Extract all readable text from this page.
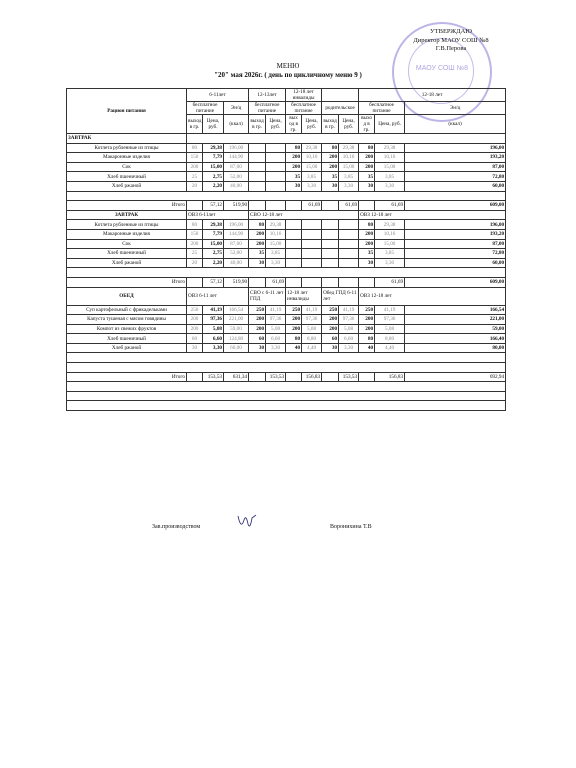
МАОУ СОШ №8
УТВЕРЖДАЮ
Директор МАОУ СОШ №8
Г.В.Перова
МЕНЮ
"20" мая 2026г. ( день по цикличному меню 9 )
Рацион питания	6-11лет			12-13лет		12-18 лет инвалиды				12-18 лет		
	бесплатное питание		Эн/ц	бесплатное питание		бесплатное питание		родительское		бесплатное питание		Эн/ц
	выход в гр.	Цена, руб.	(ккал)	выход в гр.	Цена, руб.	вых од в гр.	Цена, руб.	выход в гр.	Цена, руб.	выхо д в гр.	Цена, руб.	(ккал)
ЗАВТРАК												
Котлета рубленные из птицы	80	29,38	196,00			80	29,38	80	29,38	80	29,38	196,00
Макаронные изделия	150	7,79	144,90			200	10,16	200	10,16	200	10,16	193,20
Сок	200	15,00	87,00			200	15,00	200	15,00	200	15,00	87,00
Хлеб пшеничный	25	2,75	52,00			35	3,85	35	3,85	35	3,85	72,80
Хлеб ржаной	20	2,20	40,00			30	3,30	30	3,30	30	3,30	60,00

Итого		57,12	519,90				61,69		61,69		61,69	609,00
ЗАВТРАК	ОВЗ 6-11лет			СВО 12-18 лет						ОВЗ 12-18 лет		
Котлета рубленные из птицы	80	29,38	196,00	80	29,38					80	29,38	196,00
Макаронные изделия	150	7,79	144,90	200	10,16					200	10,16	193,20
Сок	200	15,00	87,00	200	15,00					200	15,00	87,00
Хлеб пшеничный	25	2,75	52,00	35	3,85					35	3,85	72,80
Хлеб ржаной	20	2,20	40,00	30	3,30					30	3,30	60,00

Итого		57,12	519,90		61,69						61,69	609,00
ОБЕД	ОВЗ 6-11 лет			СВО с 6-11 лет ГПД		12-18 лет инвалиды		Обед ГПД 6-11 лет		ОВЗ 12-18 лет		
Суп картофельный с фрикадельками	250	41,19	166,54	250	41,19	250	41,19	250	41,19	250	41,19	166,54
Капуста тушеная с мясом говядины	200	97,36	221,00	200	97,36	200	97,36	200	97,36	200	97,36	221,00
Компот из свежих фруктов	200	5,08	59,00	200	5,08	200	5,08	200	5,08	200	5,08	59,00
Хлеб пшеничный	60	6,60	124,80	60	6,60	80	8,80	60	6,60	80	8,80	166,40
Хлеб ржаной	30	3,30	60,00	30	3,30	40	4,40	30	3,30	40	4,40	80,00

Итого		153,53	631,34		153,53		156,83		153,53		156,83	692,94

Зав.производством	Воронихина Т.В
